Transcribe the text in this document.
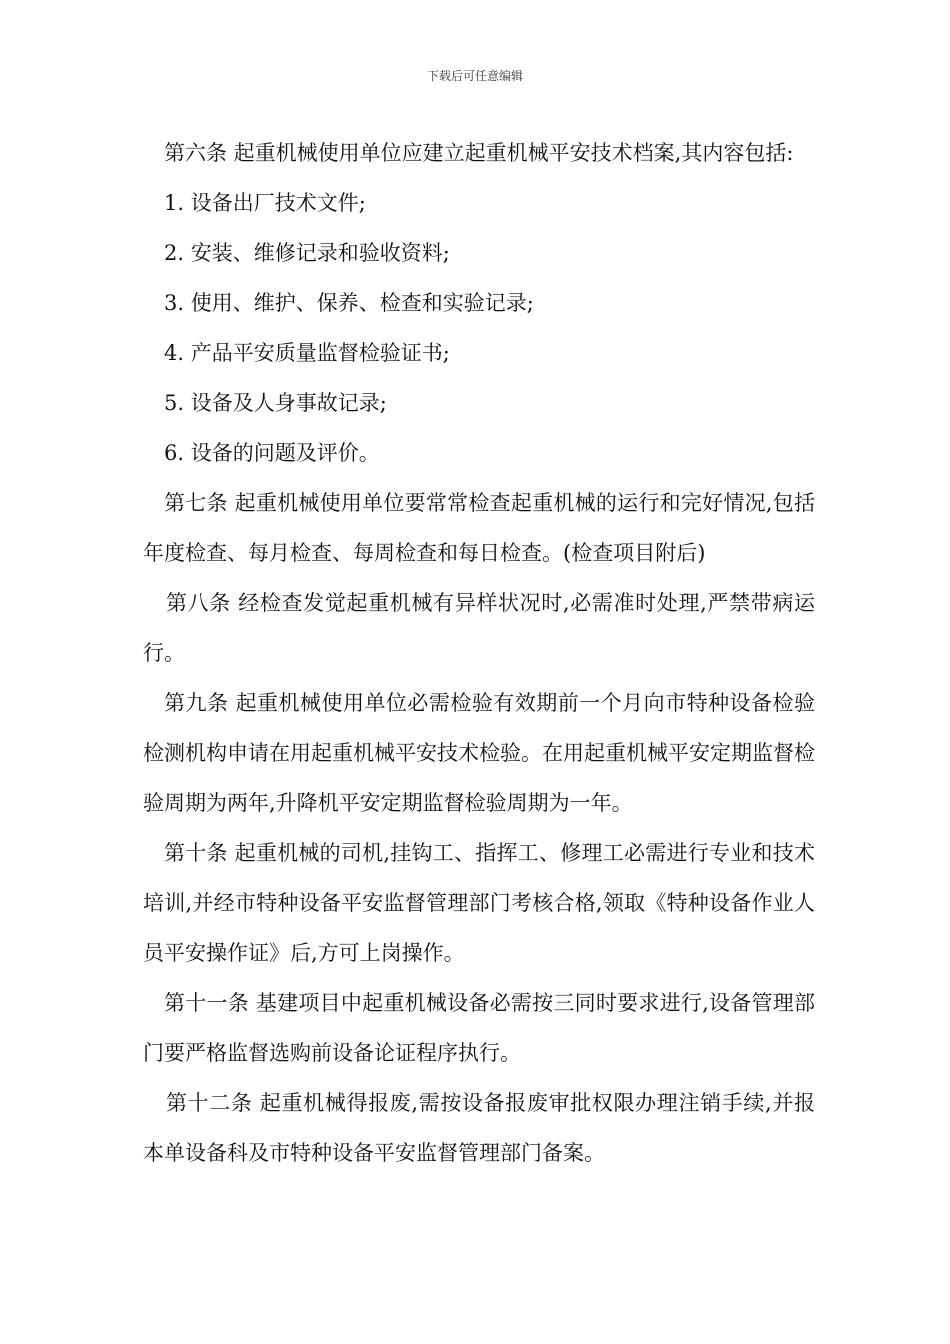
下载后可任意编辑

第六条 起重机械使用单位应建立起重机械平安技术档案,其内容包括:

1. 设备出厂技术文件;

2. 安装、维修记录和验收资料;

3. 使用、维护、保养、检查和实验记录;

4. 产品平安质量监督检验证书;

5. 设备及人身事故记录;

6. 设备的问题及评价。

第七条 起重机械使用单位要常常检查起重机械的运行和完好情况,包括年度检查、每月检查、每周检查和每日检查。(检查项目附后)

第八条 经检查发觉起重机械有异样状况时,必需准时处理,严禁带病运行。

第九条 起重机械使用单位必需检验有效期前一个月向市特种设备检验检测机构申请在用起重机械平安技术检验。在用起重机械平安定期监督检验周期为两年,升降机平安定期监督检验周期为一年。

第十条 起重机械的司机,挂钩工、指挥工、修理工必需进行专业和技术培训,并经市特种设备平安监督管理部门考核合格,领取《特种设备作业人员平安操作证》后,方可上岗操作。

第十一条 基建项目中起重机械设备必需按三同时要求进行,设备管理部门要严格监督选购前设备论证程序执行。

第十二条 起重机械得报废,需按设备报废审批权限办理注销手续,并报本单设备科及市特种设备平安监督管理部门备案。
